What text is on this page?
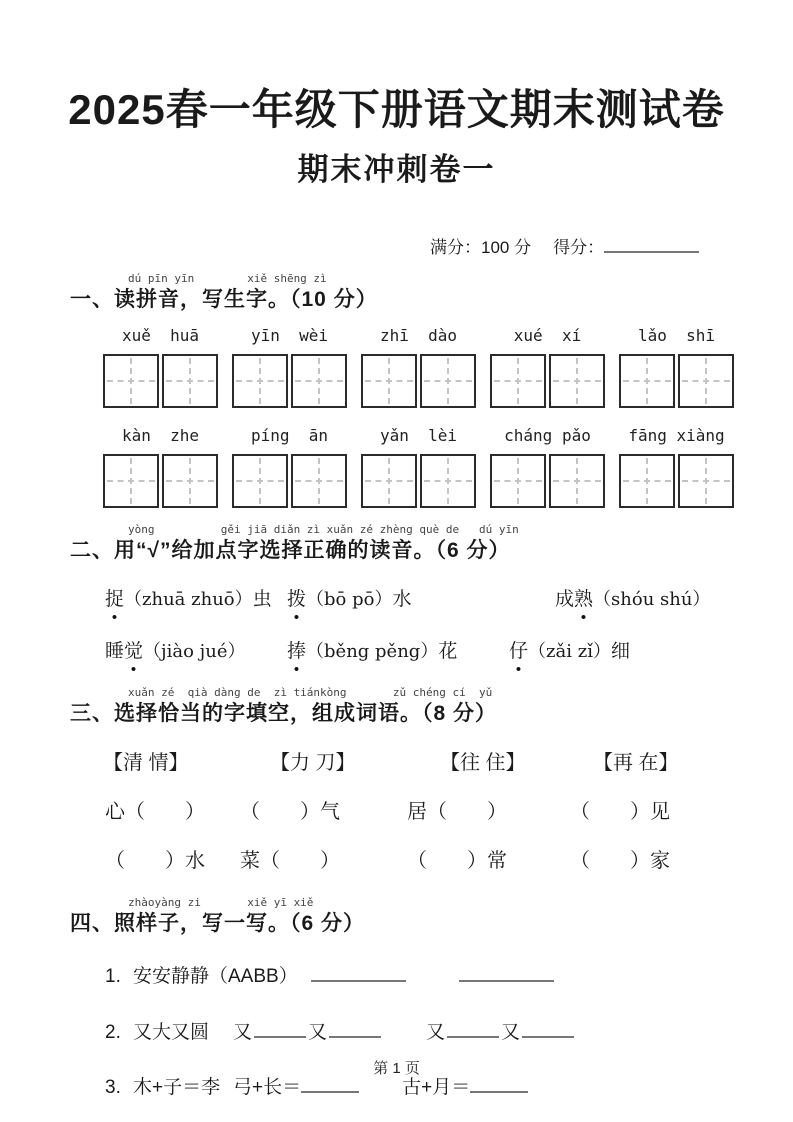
2025春一年级下册语文期末测试卷
期末冲刺卷一
满分：100 分 得分：
dú pīn yīn        xiě shēng zì
一、读拼音，写生字。（10 分）
xuě  huā	yīn  wèi	zhī  dào	xué  xí	lǎo  shī
kàn  zhe	píng  ān	yǎn  lèi	cháng pǎo	fāng xiàng
yòng          gěi jiā diǎn zì xuǎn zé zhèng què de   dú yīn
二、用“√”给加点字选择正确的读音。（6 分）
捉（zhuā zhuō）虫 拨（bō pō）水	成熟（shóu shú）
睡觉（jiào jué）	捧（běng pěng）花	仔（zǎi zǐ）细
xuǎn zé  qià dàng de  zì tiánkòng       zǔ chéng cí  yǔ
三、选择恰当的字填空，组成词语。（8 分）
【清 情】	【力 刀】	【往 住】	【再 在】
心（　　）	（　　）气	居（　　）	（　　）见
（　　）水	菜（　　）	（　　）常	（　　）家
zhàoyàng zi       xiě yī xiě
四、照样子，写一写。（6 分）
1. 安安静静（AABB）
2. 又大又圆	又	又	又	又
3. 木+子＝李 弓+长＝	古+月＝
第 1 页
